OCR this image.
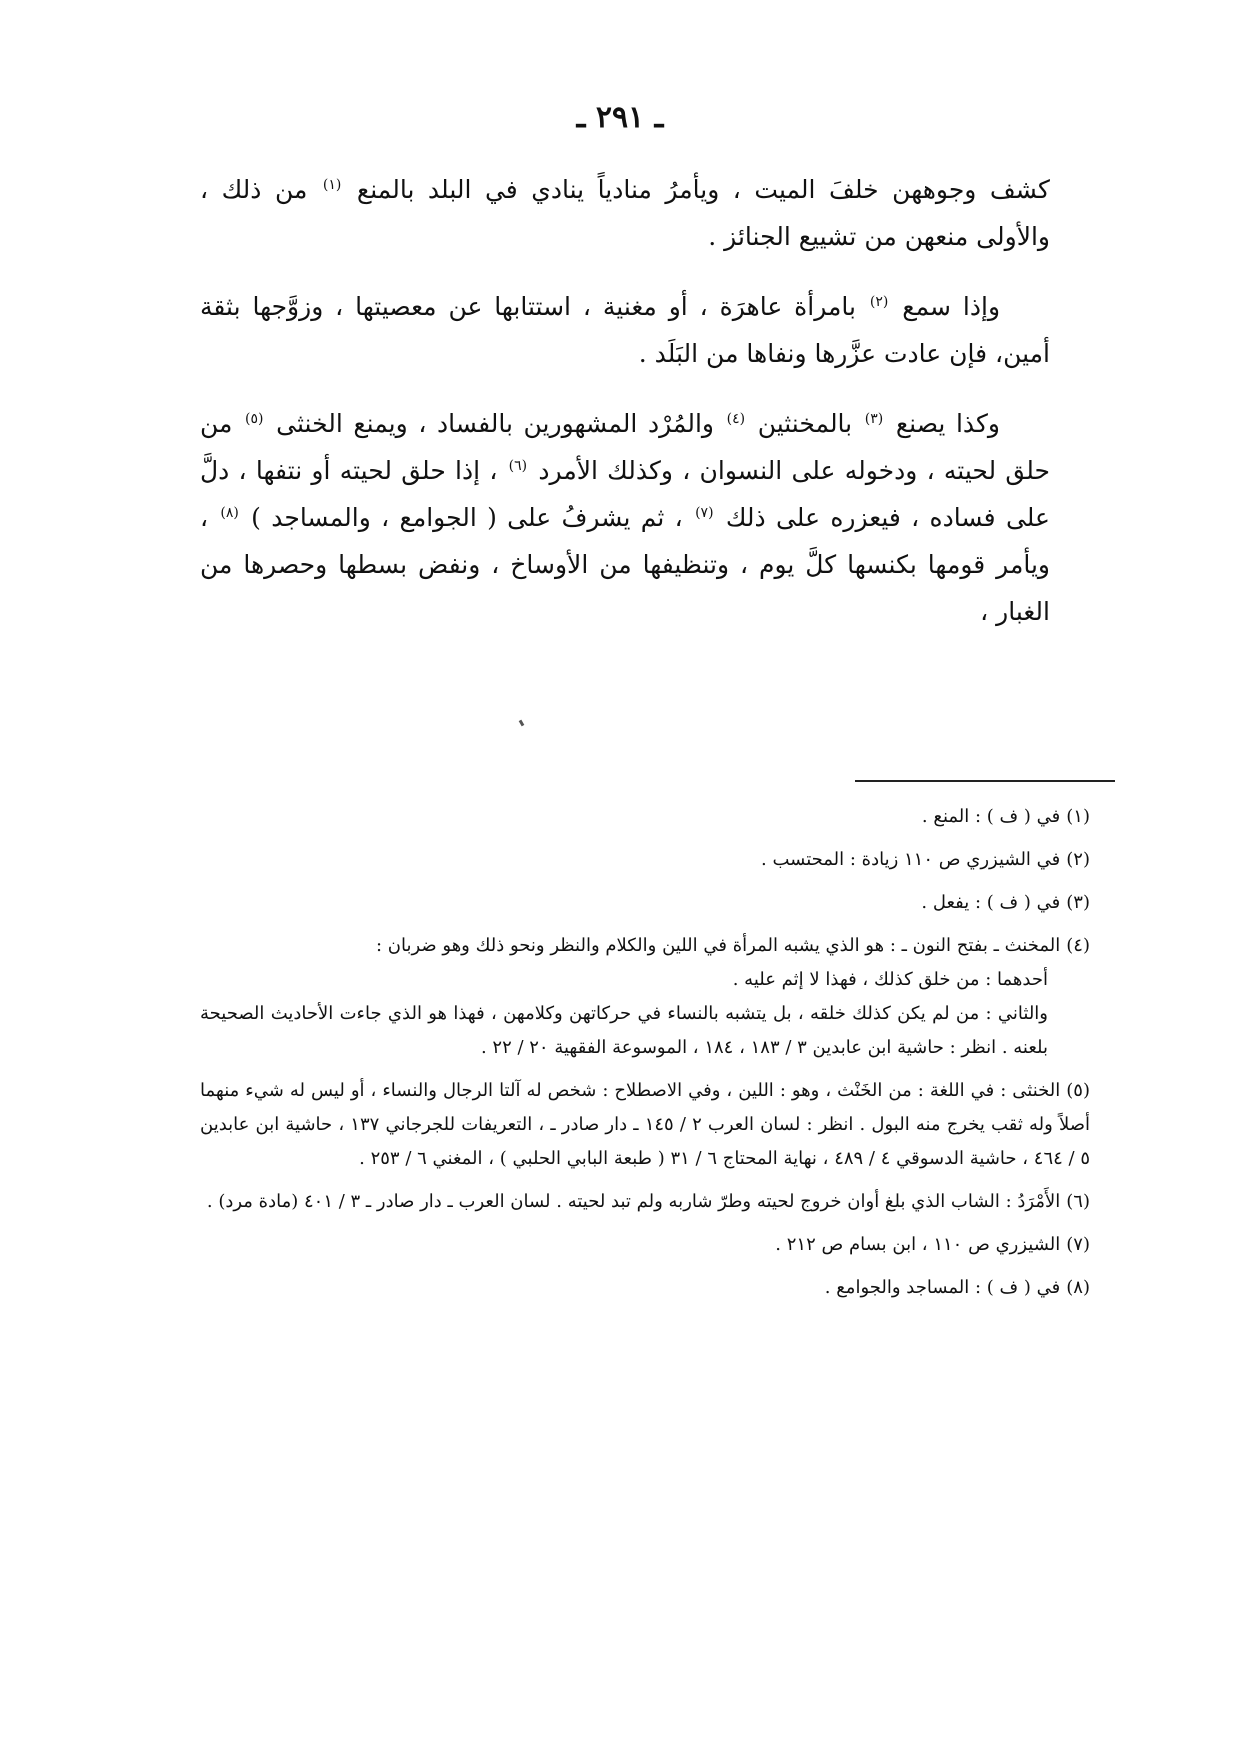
ـ ٢٩١ ـ

كشف وجوههن خلفَ الميت ، ويأمرُ منادياً ينادي في البلد بالمنع $^{(١)}$ من ذلك ، والأولى منعهن من تشييع الجنائز .

وإذا سمع $^{(٢)}$ بامرأة عاهرَة ، أو مغنية ، استتابها عن معصيتها ، وزوَّجها بثقة أمين، فإن عادت عزَّرها ونفاها من البَلَد .

وكذا يصنع $^{(٣)}$ بالمخنثين $^{(٤)}$ والمُرْد المشهورين بالفساد ، ويمنع الخنثى $^{(٥)}$ من حلق لحيته ، ودخوله على النسوان ، وكذلك الأمرد $^{(٦)}$ ، إذا حلق لحيته أو نتفها ، دلَّ على فساده ، فيعزره على ذلك $^{(٧)}$ ، ثم يشرفُ على ( الجوامع ، والمساجد ) $^{(٨)}$ ، ويأمر قومها بكنسها كلَّ يوم ، وتنظيفها من الأوساخ ، ونفض بسطها وحصرها من الغبار ،

(١)في ( ف ) : المنع .
(٢)في الشيزري ص ١١٠ زيادة : المحتسب .
(٣)في ( ف ) : يفعل .
(٤)المخنث ـ بفتح النون ـ : هو الذي يشبه المرأة في اللين والكلام والنظر ونحو ذلك وهو ضربان :
أحدهما : من خلق كذلك ، فهذا لا إثم عليه .
والثاني : من لم يكن كذلك خلقه ، بل يتشبه بالنساء في حركاتهن وكلامهن ، فهذا هو الذي جاءت الأحاديث الصحيحة بلعنه . انظر : حاشية ابن عابدين ٣ / ١٨٣ ، ١٨٤ ، الموسوعة الفقهية ٢٠ / ٢٢ .
(٥)الخنثى : في اللغة : من الخَنْث ، وهو : اللين ، وفي الاصطلاح : شخص له آلتا الرجال والنساء ، أو ليس له شيء منهما أصلاً وله ثقب يخرج منه البول . انظر : لسان العرب ٢ / ١٤٥ ـ دار صادر ـ ، التعريفات للجرجاني ١٣٧ ، حاشية ابن عابدين ٥ / ٤٦٤ ، حاشية الدسوقي ٤ / ٤٨٩ ، نهاية المحتاج ٦ / ٣١ ( طبعة البابي الحلبي ) ، المغني ٦ / ٢٥٣ .
(٦)الأَمْرَدُ : الشاب الذي بلغ أوان خروج لحيته وطرّ شاربه ولم تبد لحيته . لسان العرب ـ دار صادر ـ ٣ / ٤٠١ (مادة مرد) .
(٧)الشيزري ص ١١٠ ، ابن بسام ص ٢١٢ .
(٨)في ( ف ) : المساجد والجوامع .
